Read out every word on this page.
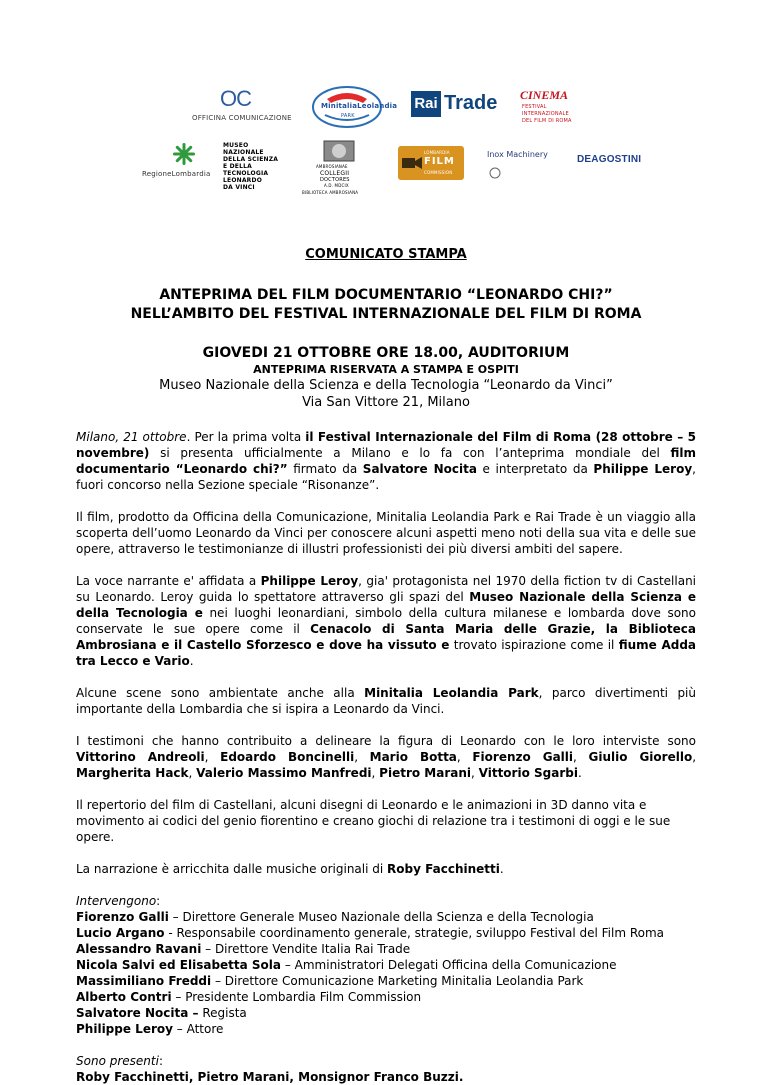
OC
OFFICINA COMUNICAZIONE
MinitaliaLeolandia
PARK
Rai Trade CINEMA
FESTIVAL
INTERNAZIONALE
DEL FILM DI ROMA
RegioneLombardia
MUSEO
NAZIONALE
DELLA SCIENZA
E DELLA
TECNOLOGIA
LEONARDO
DA VINCI
AMBROSIANAE
COLLEGII
DOCTORES
A.D. MDCIX
BIBLIOTECA AMBROSIANA
LOMBARDIA
FILM
COMMISSION
Inox Machinery	DEAGOSTINI
COMUNICATO STAMPA
ANTEPRIMA DEL FILM DOCUMENTARIO “LEONARDO CHI?”
NELL’AMBITO DEL FESTIVAL INTERNAZIONALE DEL FILM DI ROMA
GIOVEDI 21 OTTOBRE ORE 18.00, AUDITORIUM
ANTEPRIMA RISERVATA A STAMPA E OSPITI
Museo Nazionale della Scienza e della Tecnologia “Leonardo da Vinci”
Via San Vittore 21, Milano

Milano, 21 ottobre. Per la prima volta il Festival Internazionale del Film di Roma (28 ottobre – 5 novembre) si presenta ufficialmente a Milano e lo fa con l’anteprima mondiale del film documentario “Leonardo chi?” firmato da Salvatore Nocita e interpretato da Philippe Leroy, fuori concorso nella Sezione speciale “Risonanze”.

Il film, prodotto da Officina della Comunicazione, Minitalia Leolandia Park e Rai Trade è un viaggio alla scoperta dell’uomo Leonardo da Vinci per conoscere alcuni aspetti meno noti della sua vita e delle sue opere, attraverso le testimonianze di illustri professionisti dei più diversi ambiti del sapere.

La voce narrante e' affidata a Philippe Leroy, gia' protagonista nel 1970 della fiction tv di Castellani su Leonardo. Leroy guida lo spettatore attraverso gli spazi del Museo Nazionale della Scienza e della Tecnologia e nei luoghi leonardiani, simbolo della cultura milanese e lombarda dove sono conservate le sue opere come il Cenacolo di Santa Maria delle Grazie, la Biblioteca Ambrosiana e il Castello Sforzesco e dove ha vissuto e trovato ispirazione come il fiume Adda tra Lecco e Vario.

Alcune scene sono ambientate anche alla Minitalia Leolandia Park, parco divertimenti più importante della Lombardia che si ispira a Leonardo da Vinci.

I testimoni che hanno contribuito a delineare la figura di Leonardo con le loro interviste sono Vittorino Andreoli, Edoardo Boncinelli, Mario Botta, Fiorenzo Galli, Giulio Giorello, Margherita Hack, Valerio Massimo Manfredi, Pietro Marani, Vittorio Sgarbi.

Il repertorio del film di Castellani, alcuni disegni di Leonardo e le animazioni in 3D danno vita e movimento ai codici del genio fiorentino e creano giochi di relazione tra i testimoni di oggi e le sue opere.

La narrazione è arricchita dalle musiche originali di Roby Facchinetti.

Intervengono:
Fiorenzo Galli – Direttore Generale Museo Nazionale della Scienza e della Tecnologia
Lucio Argano - Responsabile coordinamento generale, strategie, sviluppo Festival del Film Roma
Alessandro Ravani – Direttore Vendite Italia Rai Trade
Nicola Salvi ed Elisabetta Sola – Amministratori Delegati Officina della Comunicazione
Massimiliano Freddi – Direttore Comunicazione Marketing Minitalia Leolandia Park
Alberto Contri – Presidente Lombardia Film Commission
Salvatore Nocita – Regista
Philippe Leroy – Attore
Sono presenti:
Roby Facchinetti, Pietro Marani, Monsignor Franco Buzzi.
